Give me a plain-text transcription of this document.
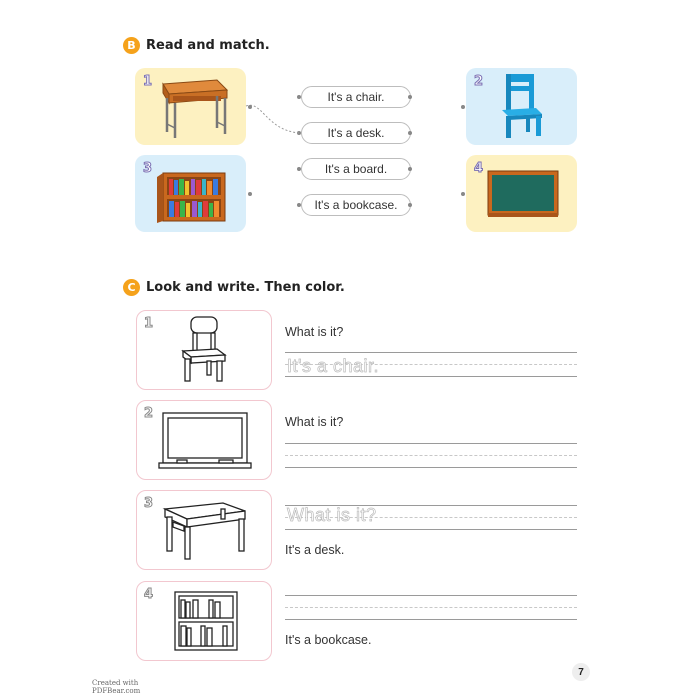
B Read and match.
1
3
2
4
It's a chair.
It's a desk.
It's a board.
It's a bookcase.
C Look and write. Then color.
1
What is it?
It's a chair.
2
What is it?
3
What is it?
It's a desk.
4
It's a bookcase.
Created with
PDFBear.com
7
